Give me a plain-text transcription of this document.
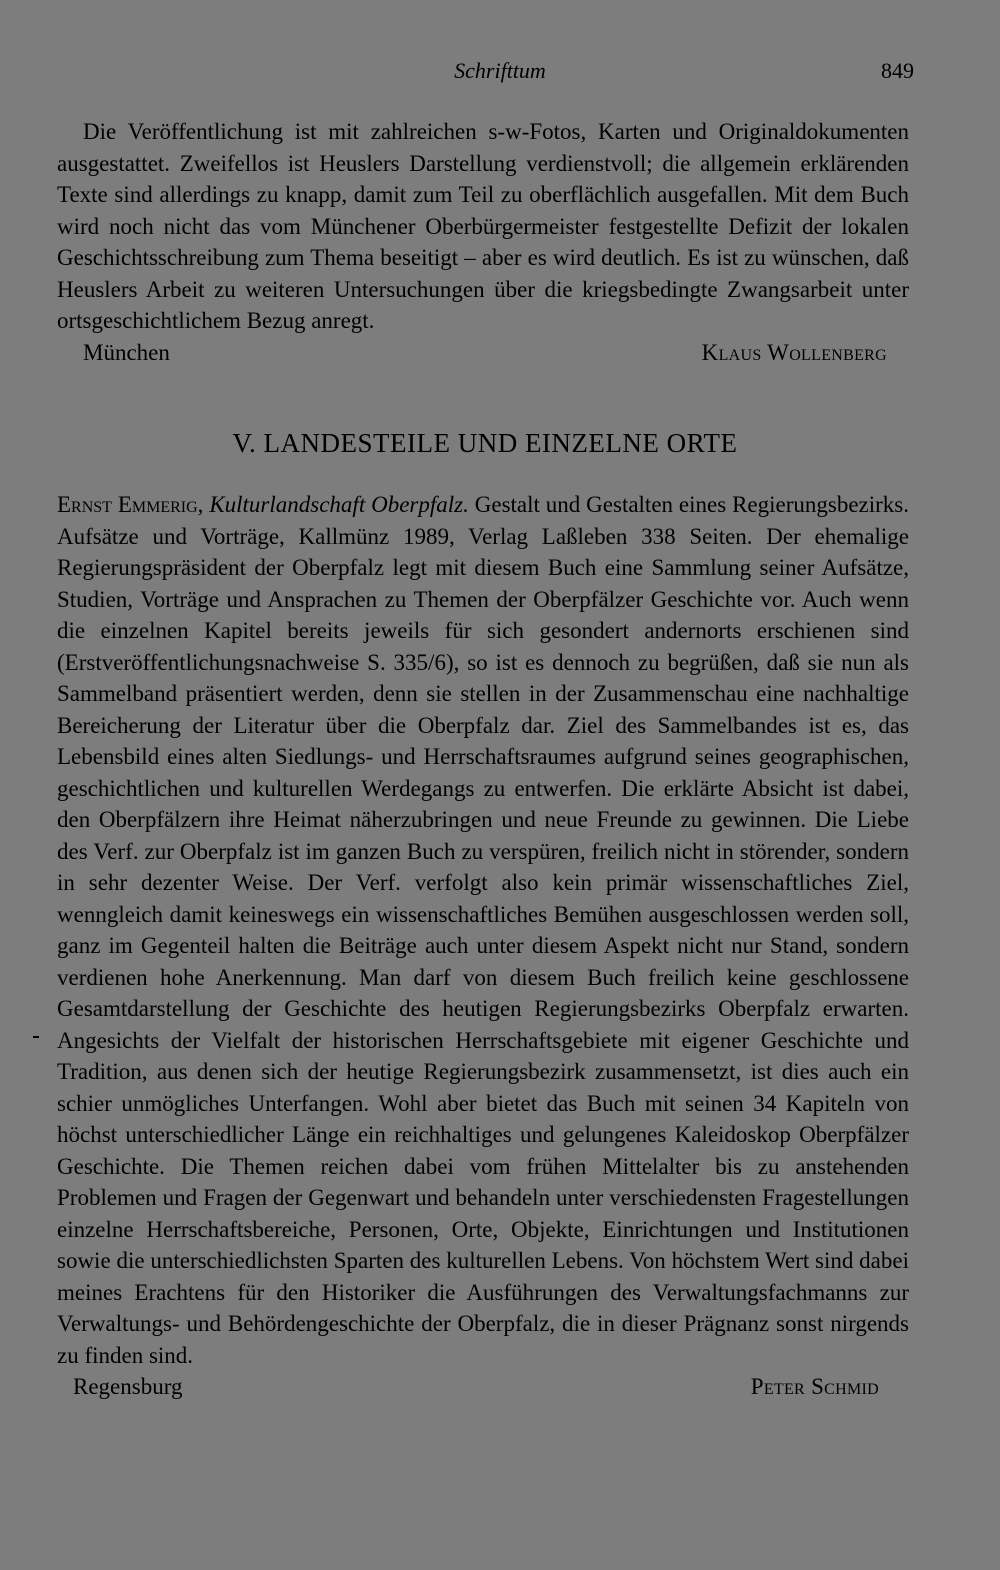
Schrifttum	849

Die Veröffentlichung ist mit zahlreichen s-w-Fotos, Karten und Originaldokumenten ausgestattet. Zweifellos ist Heuslers Darstellung verdienstvoll; die allgemein erklärenden Texte sind allerdings zu knapp, damit zum Teil zu oberflächlich ausgefallen. Mit dem Buch wird noch nicht das vom Münchener Oberbürgermeister festgestellte Defizit der lokalen Geschichtsschreibung zum Thema beseitigt – aber es wird deutlich. Es ist zu wünschen, daß Heuslers Arbeit zu weiteren Untersuchungen über die kriegsbedingte Zwangsarbeit unter ortsgeschichtlichem Bezug anregt.

München	Klaus Wollenberg
V. LANDESTEILE UND EINZELNE ORTE

Ernst Emmerig, Kulturlandschaft Oberpfalz. Gestalt und Gestalten eines Regierungsbezirks. Aufsätze und Vorträge, Kallmünz 1989, Verlag Laßleben 338 Seiten. Der ehemalige Regierungspräsident der Oberpfalz legt mit diesem Buch eine Sammlung seiner Aufsätze, Studien, Vorträge und Ansprachen zu Themen der Oberpfälzer Geschichte vor. Auch wenn die einzelnen Kapitel bereits jeweils für sich gesondert andernorts erschienen sind (Erstveröffentlichungsnachweise S. 335/6), so ist es dennoch zu begrüßen, daß sie nun als Sammelband präsentiert werden, denn sie stellen in der Zusammenschau eine nachhaltige Bereicherung der Literatur über die Oberpfalz dar. Ziel des Sammelbandes ist es, das Lebensbild eines alten Siedlungs- und Herrschaftsraumes aufgrund seines geographischen, geschichtlichen und kulturellen Werdegangs zu entwerfen. Die erklärte Absicht ist dabei, den Oberpfälzern ihre Heimat näherzubringen und neue Freunde zu gewinnen. Die Liebe des Verf. zur Oberpfalz ist im ganzen Buch zu verspüren, freilich nicht in störender, sondern in sehr dezenter Weise. Der Verf. verfolgt also kein primär wissenschaftliches Ziel, wenngleich damit keineswegs ein wissenschaftliches Bemühen ausgeschlossen werden soll, ganz im Gegenteil halten die Beiträge auch unter diesem Aspekt nicht nur Stand, sondern verdienen hohe Anerkennung. Man darf von diesem Buch freilich keine geschlossene Gesamtdarstellung der Geschichte des heutigen Regierungsbezirks Oberpfalz erwarten. Angesichts der Vielfalt der historischen Herrschaftsgebiete mit eigener Geschichte und Tradition, aus denen sich der heutige Regierungsbezirk zusammensetzt, ist dies auch ein schier unmögliches Unterfangen. Wohl aber bietet das Buch mit seinen 34 Kapiteln von höchst unterschiedlicher Länge ein reichhaltiges und gelungenes Kaleidoskop Oberpfälzer Geschichte. Die Themen reichen dabei vom frühen Mittelalter bis zu anstehenden Problemen und Fragen der Gegenwart und behandeln unter verschiedensten Fragestellungen einzelne Herrschaftsbereiche, Personen, Orte, Objekte, Einrichtungen und Institutionen sowie die unterschiedlichsten Sparten des kulturellen Lebens. Von höchstem Wert sind dabei meines Erachtens für den Historiker die Ausführungen des Verwaltungsfachmanns zur Verwaltungs- und Behördengeschichte der Oberpfalz, die in dieser Prägnanz sonst nirgends zu finden sind.

Regensburg	Peter Schmid
